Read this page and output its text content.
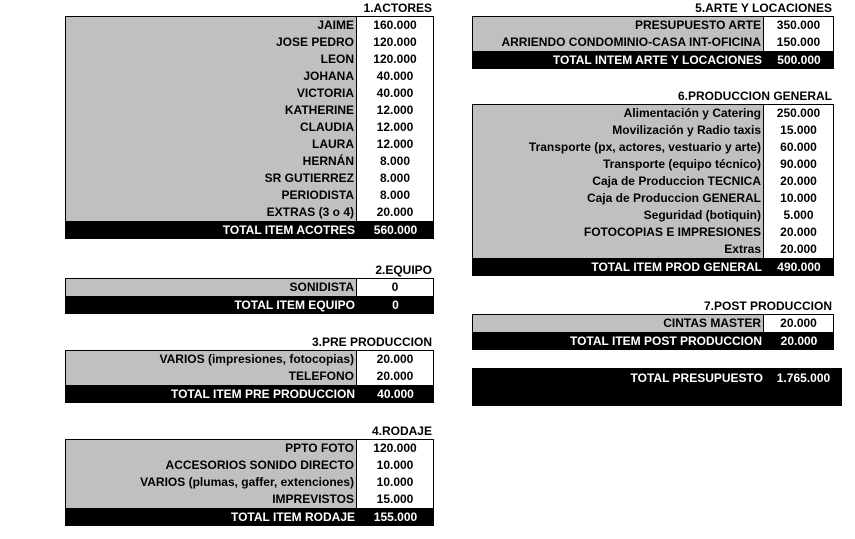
1.ACTORES
JAIME	160.000
JOSE PEDRO	120.000
LEON	120.000
JOHANA	40.000
VICTORIA	40.000
KATHERINE	12.000
CLAUDIA	12.000
LAURA	12.000
HERNÁN	8.000
SR GUTIERREZ	8.000
PERIODISTA	8.000
EXTRAS (3 o 4)	20.000
TOTAL ITEM ACOTRES	560.000
2.EQUIPO
SONIDISTA	0
TOTAL ITEM EQUIPO	0
3.PRE PRODUCCION
VARIOS (impresiones, fotocopias)	20.000
TELEFONO	20.000
TOTAL ITEM PRE PRODUCCION	40.000
4.RODAJE
PPTO FOTO	120.000
ACCESORIOS SONIDO DIRECTO	10.000
VARIOS (plumas, gaffer, extenciones)	10.000
IMPREVISTOS	15.000
TOTAL ITEM RODAJE	155.000
5.ARTE Y LOCACIONES
PRESUPUESTO ARTE	350.000
ARRIENDO CONDOMINIO-CASA INT-OFICINA	150.000
TOTAL INTEM ARTE Y LOCACIONES	500.000
6.PRODUCCION GENERAL
Alimentación y Catering	250.000
Movilización y Radio taxis	15.000
Transporte (px, actores, vestuario y arte)	60.000
Transporte (equipo técnico)	90.000
Caja de Produccion TECNICA	20.000
Caja de Produccion GENERAL	10.000
Seguridad (botiquin)	5.000
FOTOCOPIAS E IMPRESIONES	20.000
Extras	20.000
TOTAL ITEM PROD GENERAL	490.000
7.POST PRODUCCION
CINTAS MASTER	20.000
TOTAL ITEM POST PRODUCCION	20.000
TOTAL PRESUPUESTO	1.765.000
